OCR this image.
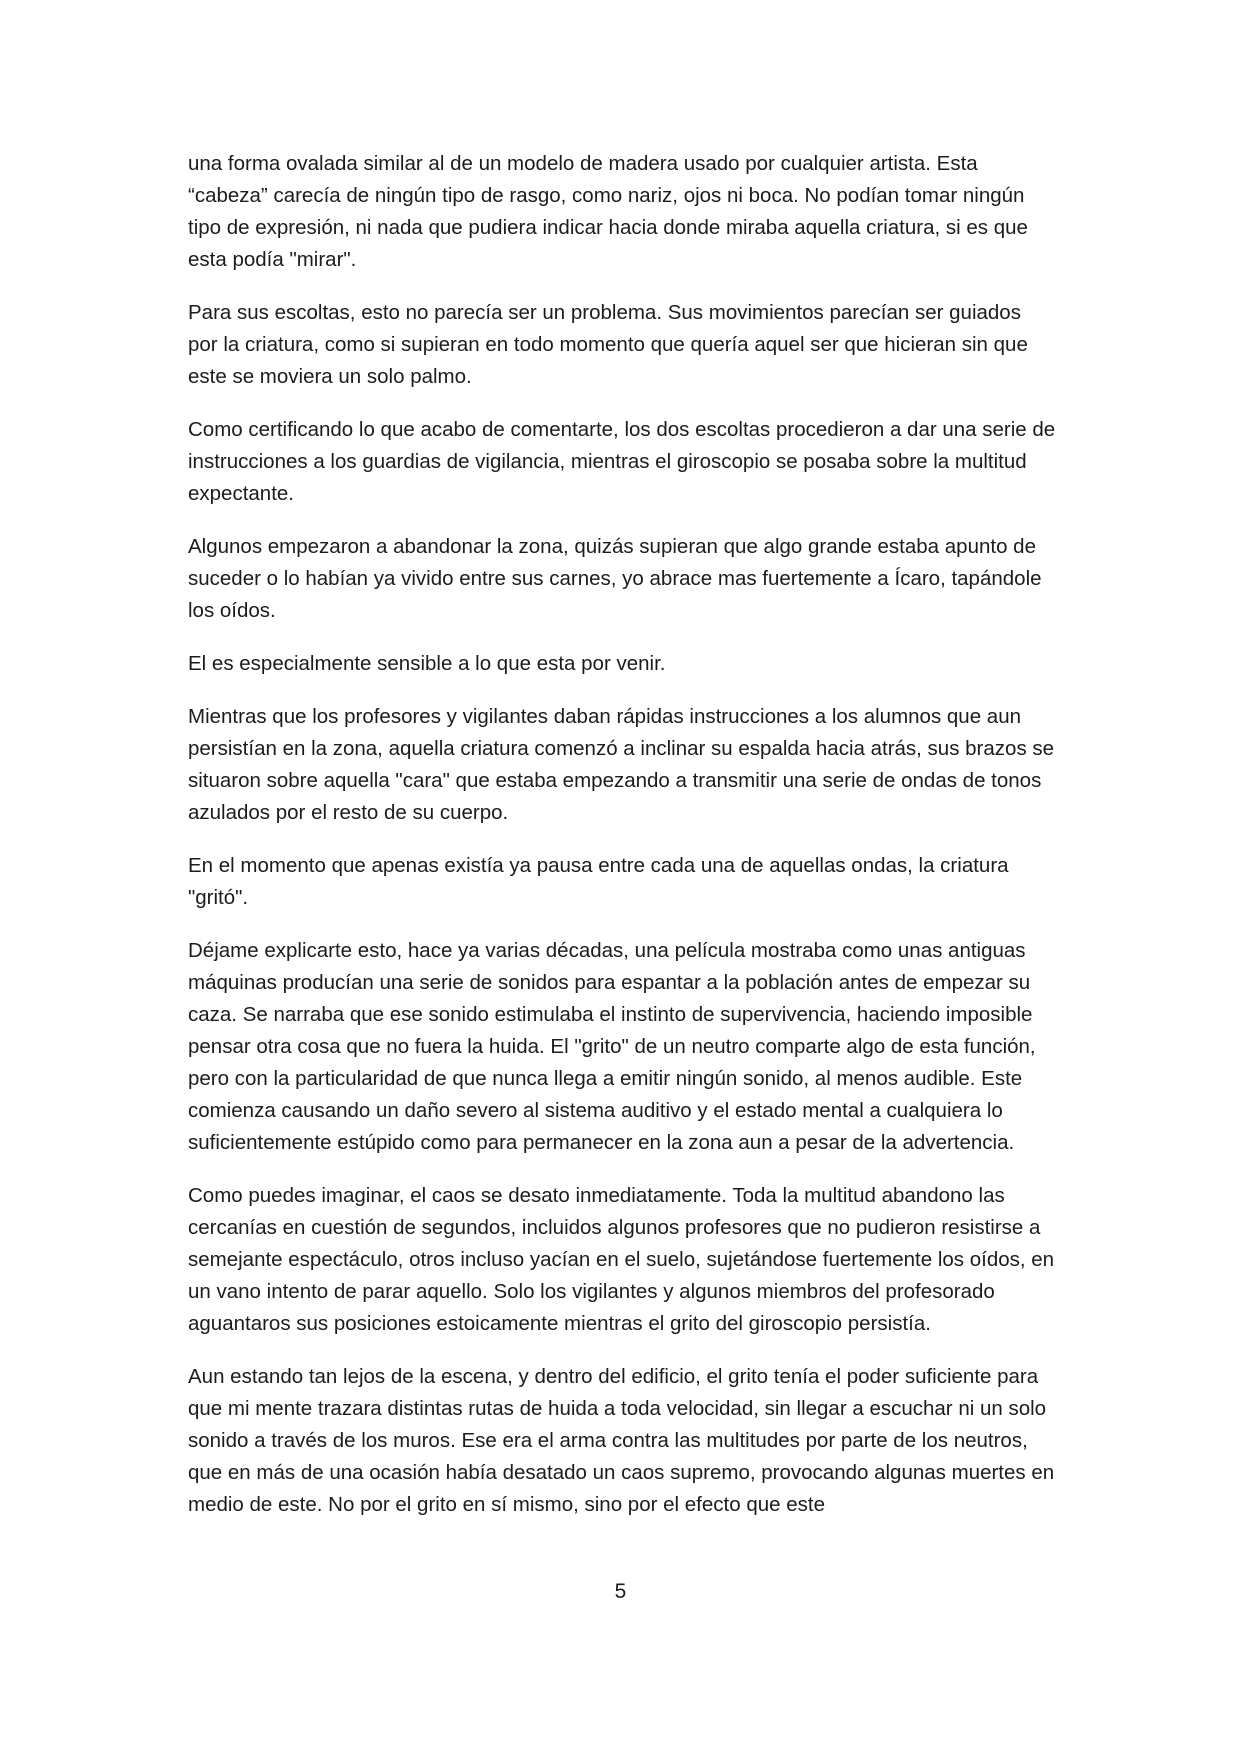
una forma ovalada similar al de un modelo de madera usado por cualquier artista. Esta “cabeza” carecía de ningún tipo de rasgo, como nariz, ojos ni boca. No podían tomar ningún tipo de expresión, ni nada que pudiera indicar hacia donde miraba aquella criatura, si es que esta podía "mirar".

Para sus escoltas, esto no parecía ser un problema. Sus movimientos parecían ser guiados por la criatura, como si supieran en todo momento que quería aquel ser que hicieran sin que este se moviera un solo palmo.

Como certificando lo que acabo de comentarte, los dos escoltas procedieron a dar una serie de instrucciones a los guardias de vigilancia, mientras el giroscopio se posaba sobre la multitud expectante.

Algunos empezaron a abandonar la zona, quizás supieran que algo grande estaba apunto de suceder o lo habían ya vivido entre sus carnes, yo abrace mas fuertemente a Ícaro, tapándole los oídos.

El es especialmente sensible a lo que esta por venir.

Mientras que los profesores y vigilantes daban rápidas instrucciones a los alumnos que aun persistían en la zona, aquella criatura comenzó a inclinar su espalda hacia atrás, sus brazos se situaron sobre aquella "cara" que estaba empezando a transmitir una serie de ondas de tonos azulados por el resto de su cuerpo.

En el momento que apenas existía ya pausa entre cada una de aquellas ondas, la criatura "gritó".

Déjame explicarte esto, hace ya varias décadas, una película mostraba como unas antiguas máquinas producían una serie de sonidos para espantar a la población antes de empezar su caza. Se narraba que ese sonido estimulaba el instinto de supervivencia, haciendo imposible pensar otra cosa que no fuera la huida. El "grito" de un neutro comparte algo de esta función, pero con la particularidad de que nunca llega a emitir ningún sonido, al menos audible. Este comienza causando un daño severo al sistema auditivo y el estado mental a cualquiera lo suficientemente estúpido como para permanecer en la zona aun a pesar de la advertencia.

Como puedes imaginar, el caos se desato inmediatamente. Toda la multitud abandono las cercanías en cuestión de segundos, incluidos algunos profesores que no pudieron resistirse a semejante espectáculo, otros incluso yacían en el suelo, sujetándose fuertemente los oídos, en un vano intento de parar aquello. Solo los vigilantes y algunos miembros del profesorado aguantaros sus posiciones estoicamente mientras el grito del giroscopio persistía.

Aun estando tan lejos de la escena, y dentro del edificio, el grito tenía el poder suficiente para que mi mente trazara distintas rutas de huida a toda velocidad, sin llegar a escuchar ni un solo sonido a través de los muros. Ese era el arma contra las multitudes por parte de los neutros, que en más de una ocasión había desatado un caos supremo, provocando algunas muertes en medio de este. No por el grito en sí mismo, sino por el efecto que este

5
